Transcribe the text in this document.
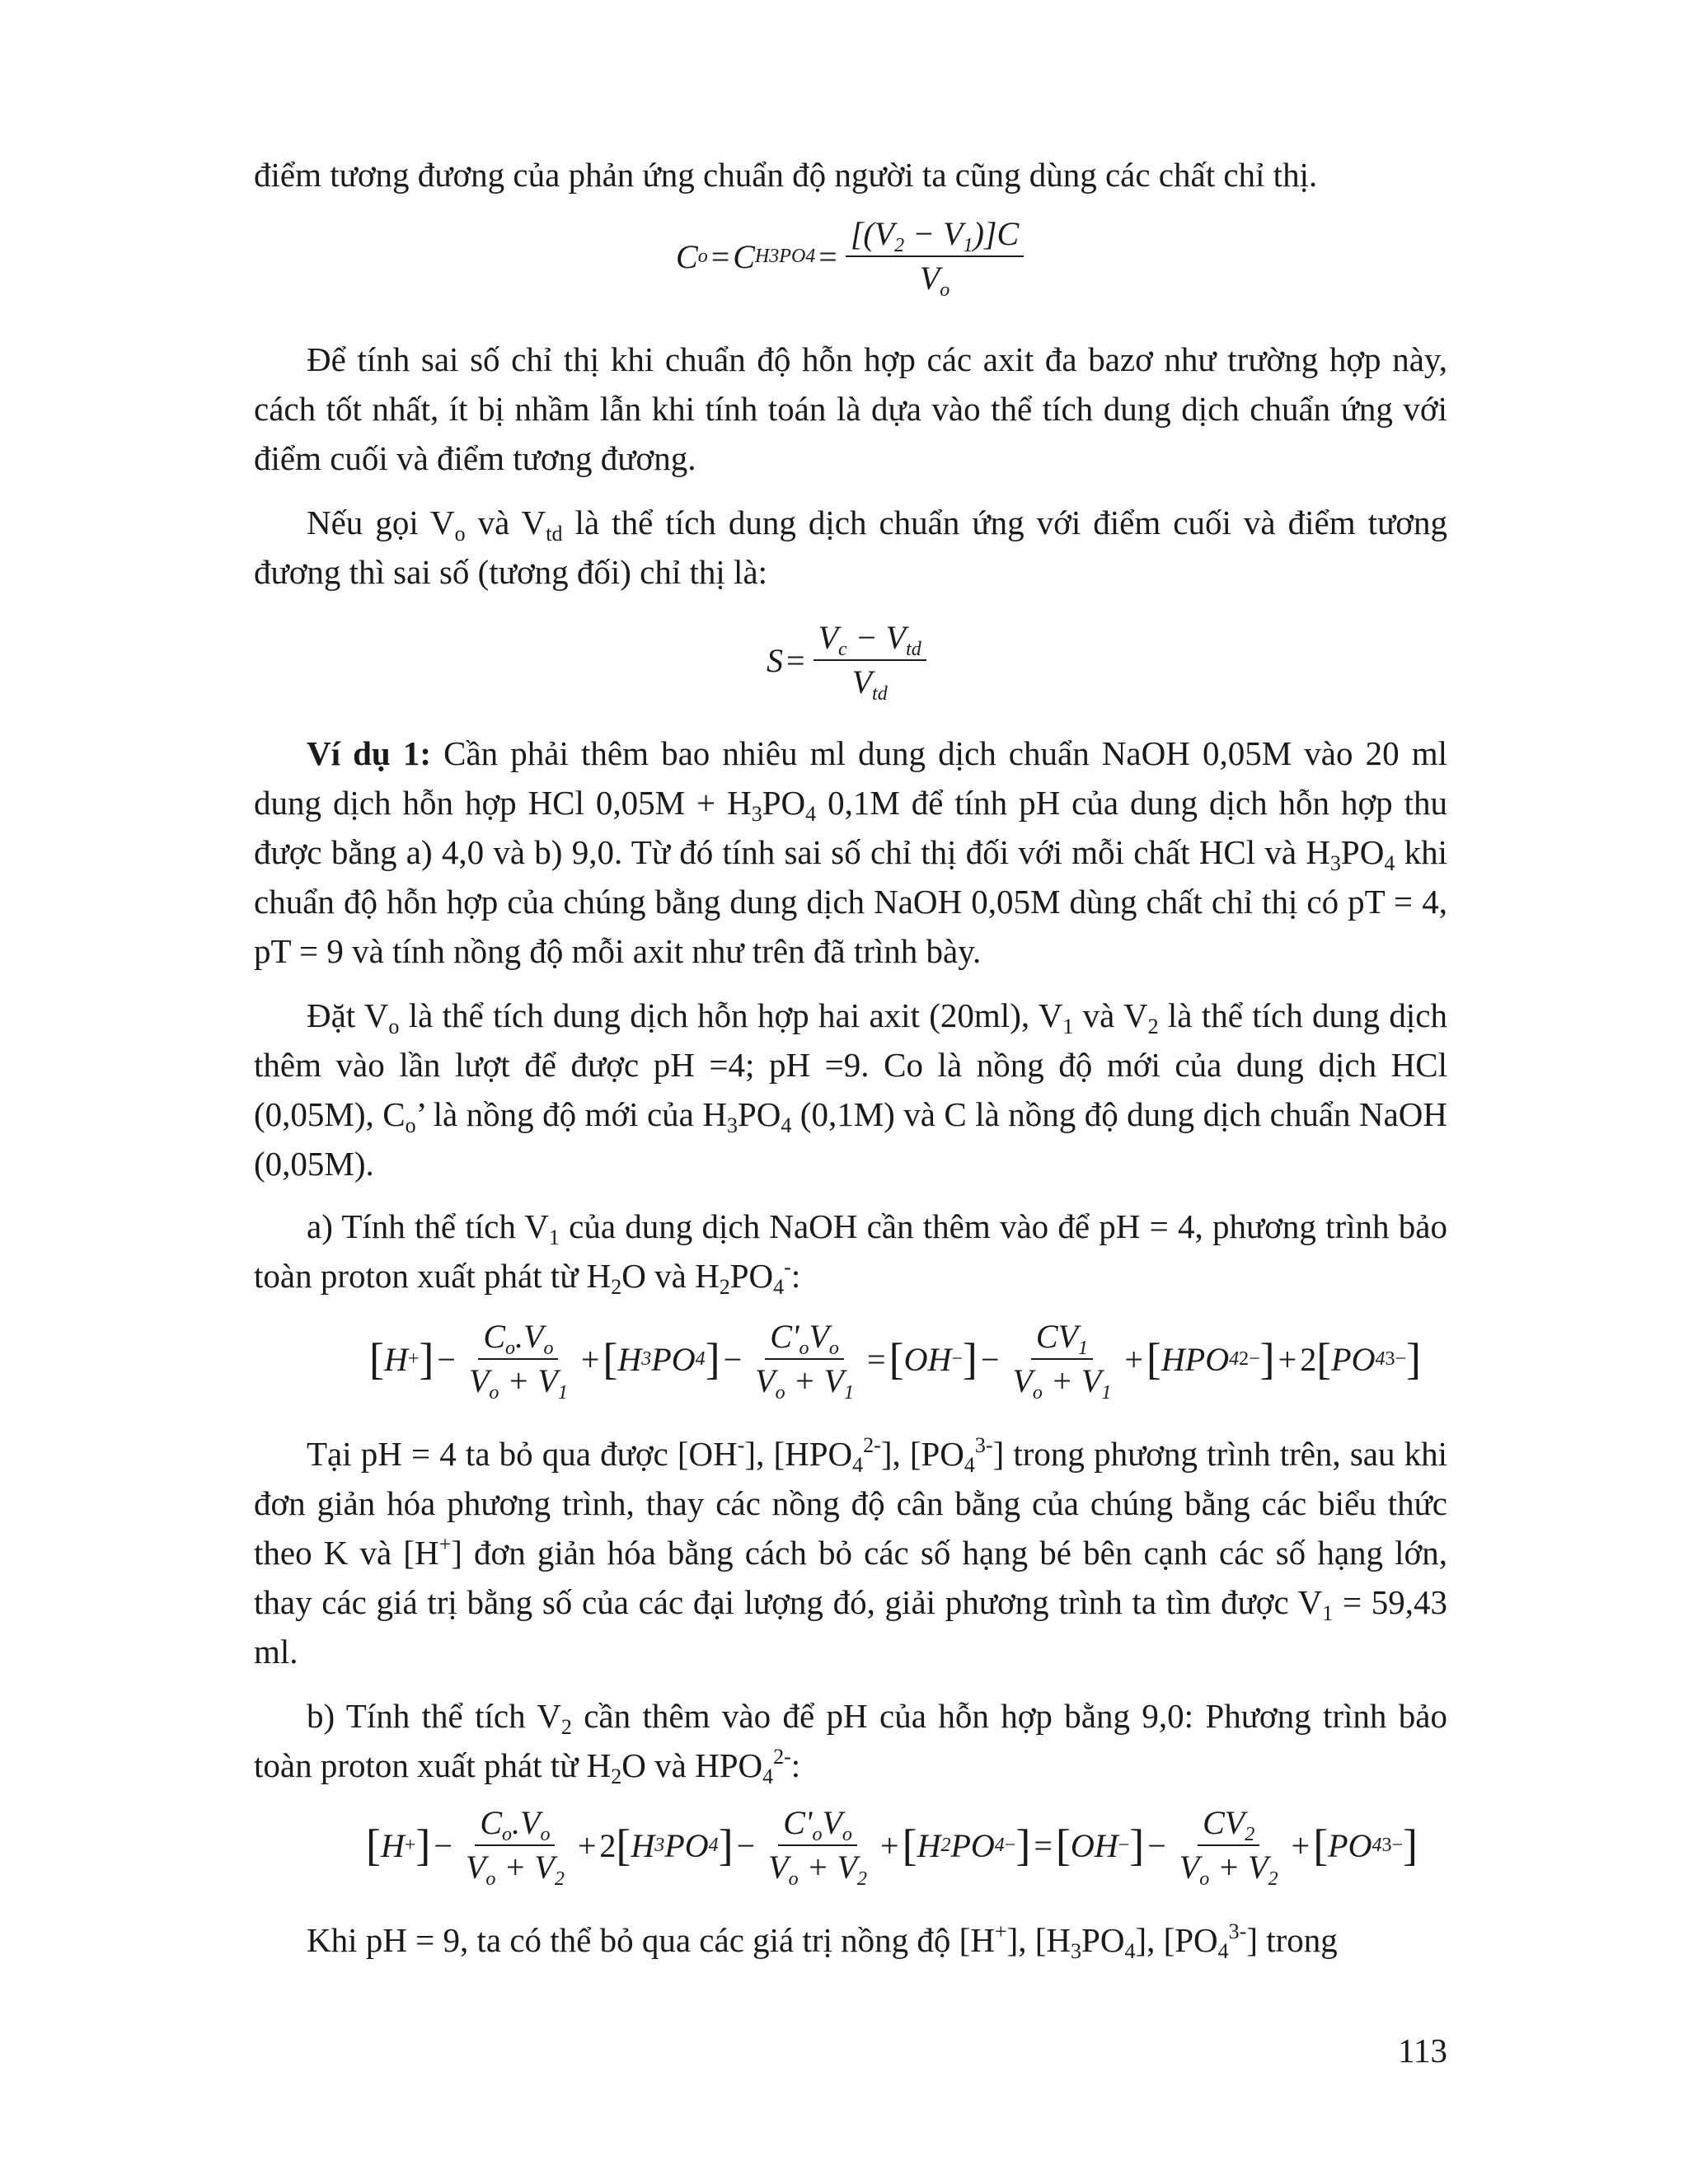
điểm tương đương của phản ứng chuẩn độ người ta cũng dùng các chất chỉ thị.

C o = C $H3PO4 = \frac{[(V_2 - V_1)]C}{V_o}$

Để tính sai số chỉ thị khi chuẩn độ hỗn hợp các axit đa bazơ như trường hợp này, cách tốt nhất, ít bị nhầm lẫn khi tính toán là dựa vào thể tích dung dịch chuẩn ứng với điểm cuối và điểm tương đương.

Nếu gọi $V_o$ và $V_{td}$ là thể tích dung dịch chuẩn ứng với điểm cuối và điểm tương đương thì sai số (tương đối) chỉ thị là:

$S = \frac{V_c - V_{td}}{V_{td}}$

Ví dụ 1: Cần phải thêm bao nhiêu ml dung dịch chuẩn NaOH 0,05M vào 20 ml dung dịch hỗn hợp HCl $0,05M + H_3PO_4$ 0,1M để tính pH của dung dịch hỗn hợp thu được bằng a) 4,0 và b) 9,0. Từ đó tính sai số chỉ thị đối với mỗi chất HCl và $H_3PO_4$ khi chuẩn độ hỗn hợp của chúng bằng dung dịch NaOH 0,05M dùng chất chỉ thị có pT = 4, pT = 9 và tính nồng độ mỗi axit như trên đã trình bày.

Đặt $V_o$ là thể tích dung dịch hỗn hợp hai axit (20ml), $V_1$ và $V_2$ là thể tích dung dịch thêm vào lần lượt để được pH =4; pH =9. Co là nồng độ mới của dung dịch HCl (0,05M), $C_o$’ là nồng độ mới của $H_3PO_4$ (0,1M) và C là nồng độ dung dịch chuẩn NaOH (0,05M).

a) Tính thể tích $V_1$ của dung dịch NaOH cần thêm vào để pH = 4, phương trình bảo toàn proton xuất phát từ $H_2O$ và $H_2PO_4^-$:

[ H + ] − $\frac{C_o.V_o}{V_o + V_1}$ + [ H 3 PO 4 ] − $\frac{C'_oV_o}{V_o + V_1}$ = [ OH − ] − $\frac{CV_1}{V_o + V_1}$ + [ HPO 4 2− ] + 2 [ PO 4 3− ]

Tại pH = 4 ta bỏ qua được [OH-], $[HPO_4^{2-}]$, $[PO_4^{3-}]$ trong phương trình trên, sau khi đơn giản hóa phương trình, thay các nồng độ cân bằng của chúng bằng các biểu thức theo K và [H+] đơn giản hóa bằng cách bỏ các số hạng bé bên cạnh các số hạng lớn, thay các giá trị bằng số của các đại lượng đó, giải phương trình ta tìm được $V_1 = 59,43$ ml.

b) Tính thể tích $V_2$ cần thêm vào để pH của hỗn hợp bằng 9,0: Phương trình bảo toàn proton xuất phát từ $H_2O$ và $HPO_4^{2-}$:

[ H + ] − $\frac{C_o.V_o}{V_o + V_2} + 2$ [ H 3 PO 4 ] − $\frac{C'_oV_o}{V_o + V_2}$ + [ H 2 PO 4 − ] = [ OH − ] − $\frac{CV_2}{V_o + V_2}$ + [ PO 4 3− ]

Khi pH = 9, ta có thể bỏ qua các giá trị nồng độ [H+], $[H_3PO_4]$, $[PO_4^{3-}]$ trong

113
